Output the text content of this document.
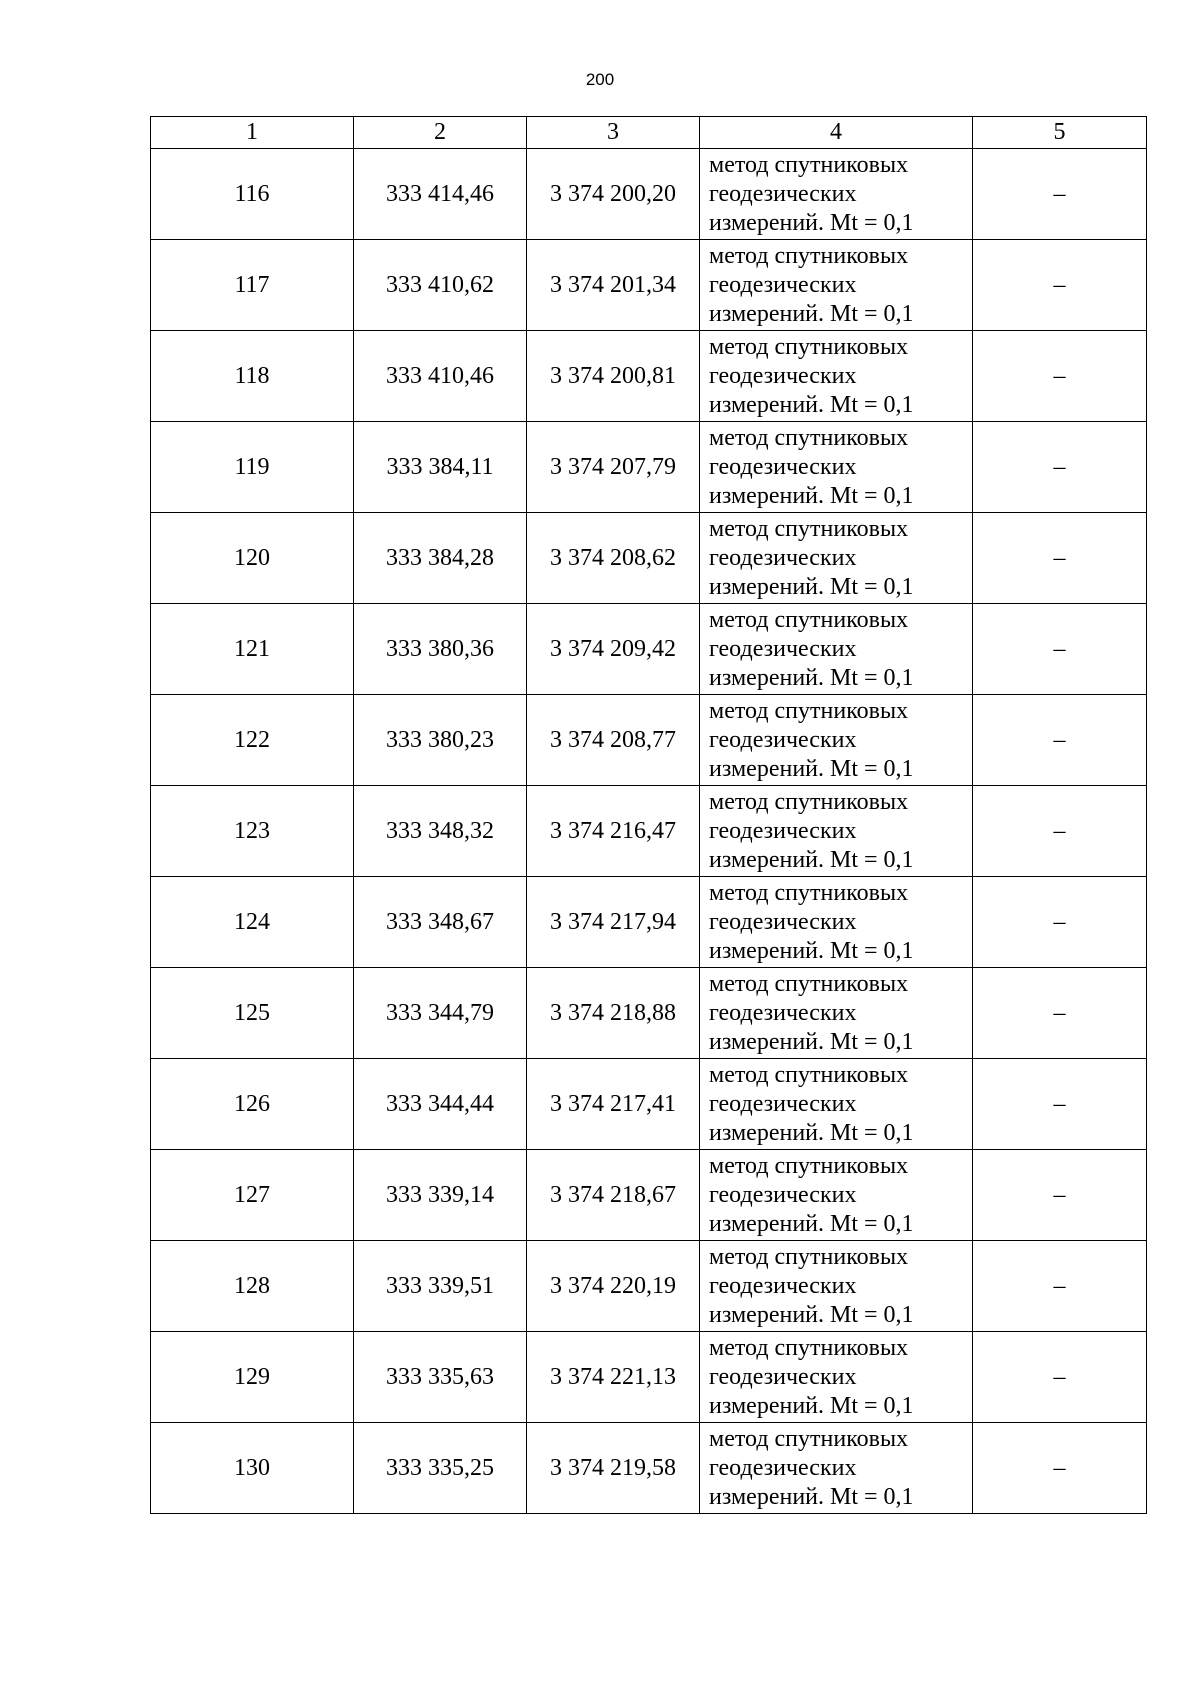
200
1	2	3	4	5
116	333 414,46	3 374 200,20	метод спутниковых
геодезических
измерений. Mt = 0,1	–
117	333 410,62	3 374 201,34	метод спутниковых
геодезических
измерений. Mt = 0,1	–
118	333 410,46	3 374 200,81	метод спутниковых
геодезических
измерений. Mt = 0,1	–
119	333 384,11	3 374 207,79	метод спутниковых
геодезических
измерений. Mt = 0,1	–
120	333 384,28	3 374 208,62	метод спутниковых
геодезических
измерений. Mt = 0,1	–
121	333 380,36	3 374 209,42	метод спутниковых
геодезических
измерений. Mt = 0,1	–
122	333 380,23	3 374 208,77	метод спутниковых
геодезических
измерений. Mt = 0,1	–
123	333 348,32	3 374 216,47	метод спутниковых
геодезических
измерений. Mt = 0,1	–
124	333 348,67	3 374 217,94	метод спутниковых
геодезических
измерений. Mt = 0,1	–
125	333 344,79	3 374 218,88	метод спутниковых
геодезических
измерений. Mt = 0,1	–
126	333 344,44	3 374 217,41	метод спутниковых
геодезических
измерений. Mt = 0,1	–
127	333 339,14	3 374 218,67	метод спутниковых
геодезических
измерений. Mt = 0,1	–
128	333 339,51	3 374 220,19	метод спутниковых
геодезических
измерений. Mt = 0,1	–
129	333 335,63	3 374 221,13	метод спутниковых
геодезических
измерений. Mt = 0,1	–
130	333 335,25	3 374 219,58	метод спутниковых
геодезических
измерений. Mt = 0,1	–
